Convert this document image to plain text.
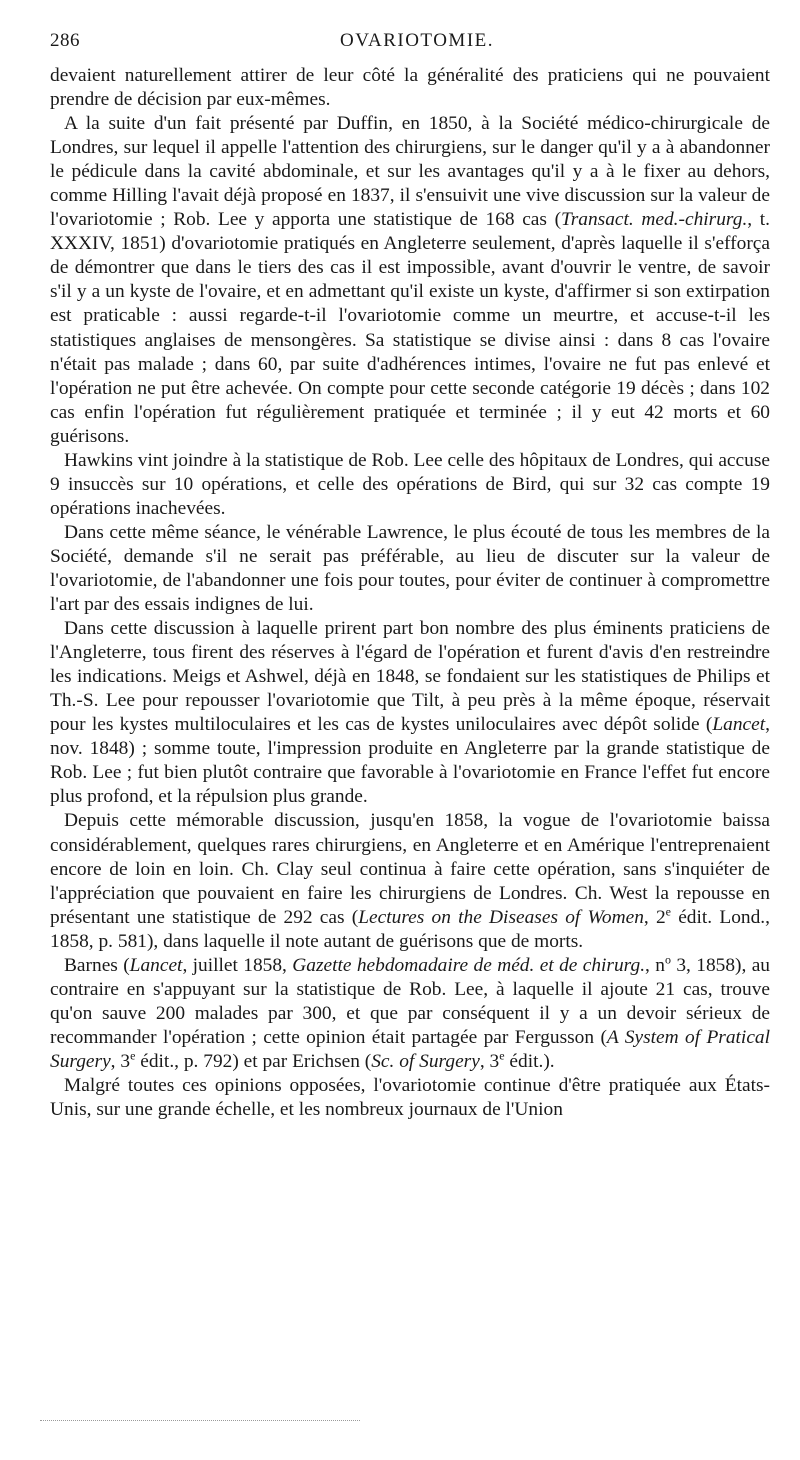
286	OVARIOTOMIE.

devaient naturellement attirer de leur côté la généralité des praticiens qui ne pouvaient prendre de décision par eux-mêmes.

A la suite d'un fait présenté par Duffin, en 1850, à la Société médico-chirurgicale de Londres, sur lequel il appelle l'attention des chirurgiens, sur le danger qu'il y a à abandonner le pédicule dans la cavité abdominale, et sur les avantages qu'il y a à le fixer au dehors, comme Hilling l'avait déjà proposé en 1837, il s'ensuivit une vive discussion sur la valeur de l'ovariotomie ; Rob. Lee y apporta une statistique de 168 cas (Transact. med.-chirurg., t. XXXIV, 1851) d'ovariotomie pratiqués en Angleterre seulement, d'après laquelle il s'efforça de démontrer que dans le tiers des cas il est impossible, avant d'ouvrir le ventre, de savoir s'il y a un kyste de l'ovaire, et en admettant qu'il existe un kyste, d'affirmer si son extirpation est praticable : aussi regarde-t-il l'ovariotomie comme un meurtre, et accuse-t-il les statistiques anglaises de mensongères. Sa statistique se divise ainsi : dans 8 cas l'ovaire n'était pas malade ; dans 60, par suite d'adhérences intimes, l'ovaire ne fut pas enlevé et l'opération ne put être achevée. On compte pour cette seconde catégorie 19 décès ; dans 102 cas enfin l'opération fut régulièrement pratiquée et terminée ; il y eut 42 morts et 60 guérisons.

Hawkins vint joindre à la statistique de Rob. Lee celle des hôpitaux de Londres, qui accuse 9 insuccès sur 10 opérations, et celle des opérations de Bird, qui sur 32 cas compte 19 opérations inachevées.

Dans cette même séance, le vénérable Lawrence, le plus écouté de tous les membres de la Société, demande s'il ne serait pas préférable, au lieu de discuter sur la valeur de l'ovariotomie, de l'abandonner une fois pour toutes, pour éviter de continuer à compromettre l'art par des essais indignes de lui.

Dans cette discussion à laquelle prirent part bon nombre des plus éminents praticiens de l'Angleterre, tous firent des réserves à l'égard de l'opération et furent d'avis d'en restreindre les indications. Meigs et Ashwel, déjà en 1848, se fondaient sur les statistiques de Philips et Th.-S. Lee pour repousser l'ovariotomie que Tilt, à peu près à la même époque, réservait pour les kystes multiloculaires et les cas de kystes uniloculaires avec dépôt solide (Lancet, nov. 1848) ; somme toute, l'impression produite en Angleterre par la grande statistique de Rob. Lee ; fut bien plutôt contraire que favorable à l'ovariotomie en France l'effet fut encore plus profond, et la répulsion plus grande.

Depuis cette mémorable discussion, jusqu'en 1858, la vogue de l'ovariotomie baissa considérablement, quelques rares chirurgiens, en Angleterre et en Amérique l'entreprenaient encore de loin en loin. Ch. Clay seul continua à faire cette opération, sans s'inquiéter de l'appréciation que pouvaient en faire les chirurgiens de Londres. Ch. West la repousse en présentant une statistique de 292 cas (Lectures on the Diseases of Women, 2e édit. Lond., 1858, p. 581), dans laquelle il note autant de guérisons que de morts.

Barnes (Lancet, juillet 1858, Gazette hebdomadaire de méd. et de chirurg., $n^o$ 3, 1858), au contraire en s'appuyant sur la statistique de Rob. Lee, à laquelle il ajoute 21 cas, trouve qu'on sauve 200 malades par 300, et que par conséquent il y a un devoir sérieux de recommander l'opération ; cette opinion était partagée par Fergusson (A System of Pratical Surgery, 3e édit., p. 792) et par Erichsen (Sc. of Surgery, 3e édit.).

Malgré toutes ces opinions opposées, l'ovariotomie continue d'être pratiquée aux États-Unis, sur une grande échelle, et les nombreux journaux de l'Union
